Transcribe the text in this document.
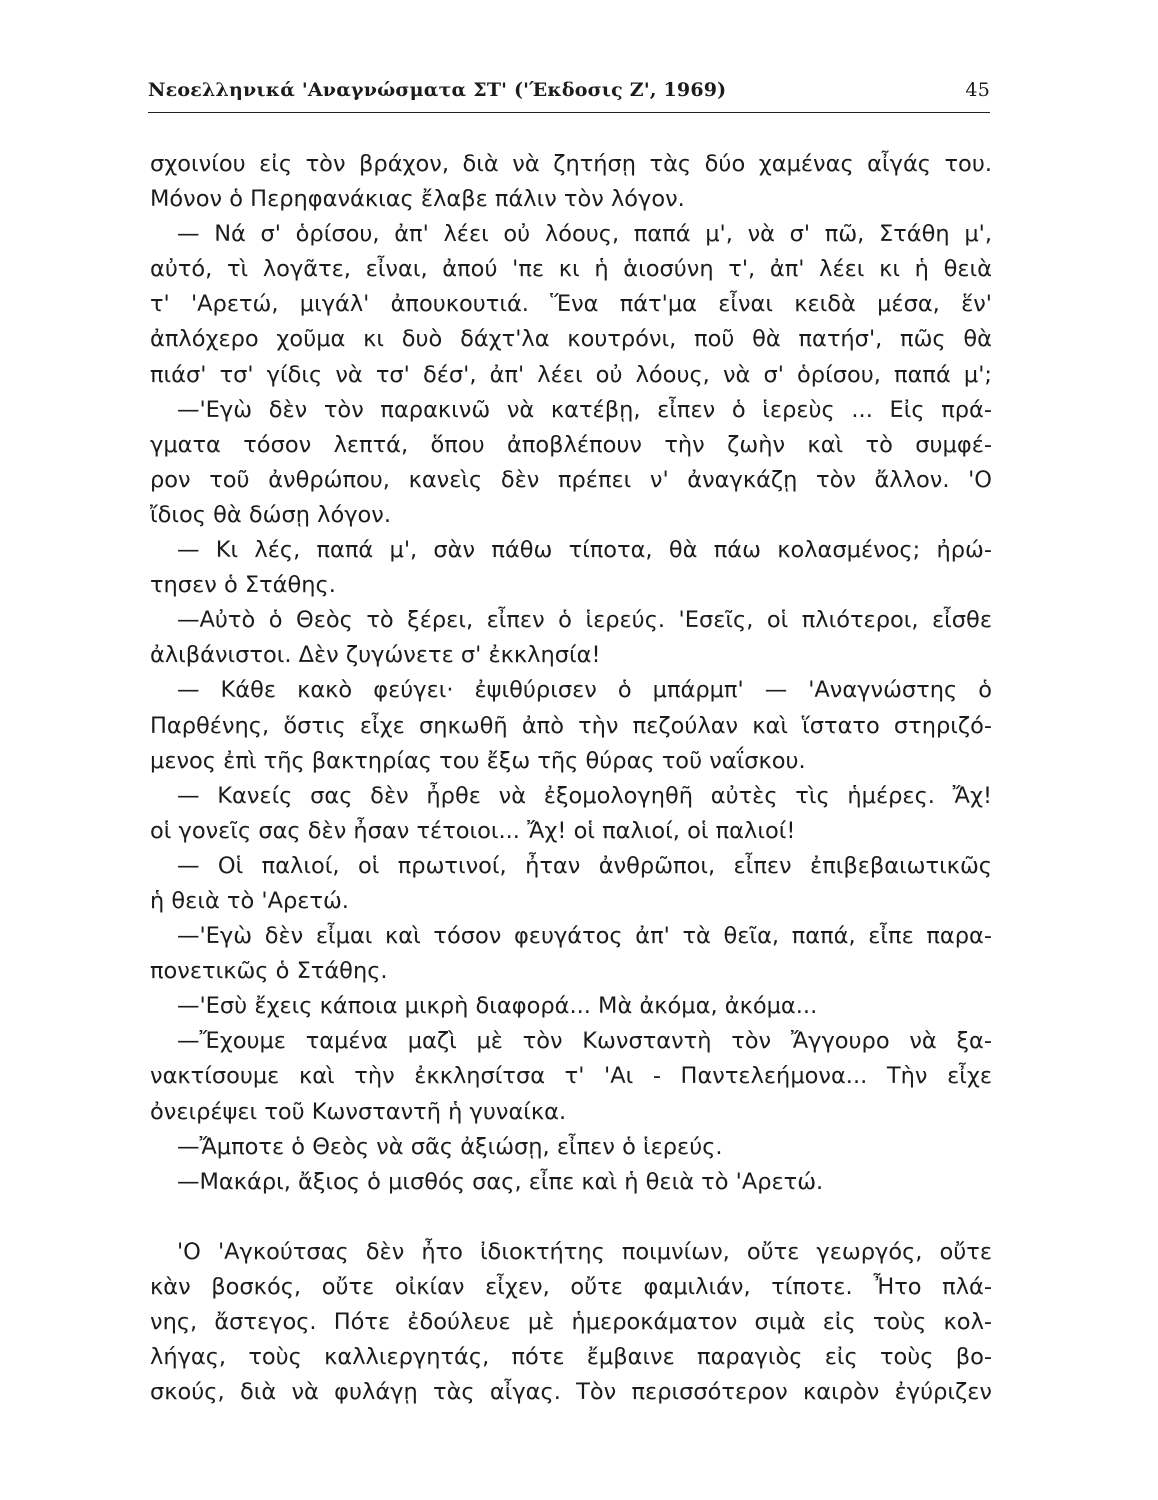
Νεοελληνικά 'Αναγνώσματα ΣΤ' ('Έκδοσις Ζ', 1969)	45
σχοινίου εἰς τὸν βράχον, διὰ νὰ ζητήσῃ τὰς δύο χαμένας αἶγάς του.
Μόνον ὁ Περηφανάκιας ἔλαβε πάλιν τὸν λόγον.
— Νά σ' ὁρίσου, ἀπ' λέει οὐ λόους, παπά μ', νὰ σ' πῶ, Στάθη μ',
αὐτό, τὶ λογᾶτε, εἶναι, ἀπού 'πε κι ἡ ἁιοσύνη τ', ἀπ' λέει κι ἡ θειὰ
τ' 'Αρετώ, μιγάλ' ἀπουκουτιά. Ἕνα πάτ'μα εἶναι κειδὰ μέσα, ἕν'
ἀπλόχερο χοῦμα κι δυὸ δάχτ'λα κουτρόνι, ποῦ θὰ πατήσ', πῶς θὰ
πιάσ' τσ' γίδις νὰ τσ' δέσ', ἀπ' λέει οὐ λόους, νὰ σ' ὁρίσου, παπά μ';
—'Εγὼ δὲν τὸν παρακινῶ νὰ κατέβῃ, εἶπεν ὁ ἱερεὺς ... Εἰς πρά-
γματα τόσον λεπτά, ὅπου ἀποβλέπουν τὴν ζωὴν καὶ τὸ συμφέ-
ρον τοῦ ἀνθρώπου, κανεὶς δὲν πρέπει ν' ἀναγκάζῃ τὸν ἄλλον. 'Ο
ἴδιος θὰ δώσῃ λόγον.
— Κι λές, παπά μ', σὰν πάθω τίποτα, θὰ πάω κολασμένος; ἠρώ-
τησεν ὁ Στάθης.
—Αὐτὸ ὁ Θεὸς τὸ ξέρει, εἶπεν ὁ ἱερεύς. 'Εσεῖς, οἱ πλιότεροι, εἶσθε
ἀλιβάνιστοι. Δὲν ζυγώνετε σ' ἐκκλησία!
— Κάθε κακὸ φεύγει· ἐψιθύρισεν ὁ μπάρμπ' — 'Αναγνώστης ὁ
Παρθένης, ὅστις εἶχε σηκωθῆ ἀπὸ τὴν πεζούλαν καὶ ἵστατο στηριζό-
μενος ἐπὶ τῆς βακτηρίας του ἔξω τῆς θύρας τοῦ ναΐσκου.
— Κανείς σας δὲν ἦρθε νὰ ἐξομολογηθῆ αὐτὲς τὶς ἡμέρες. Ἄχ!
οἱ γονεῖς σας δὲν ἦσαν τέτοιοι... Ἄχ! οἱ παλιοί, οἱ παλιοί!
— Οἱ παλιοί, οἱ πρωτινοί, ἦταν ἀνθρῶποι, εἶπεν ἐπιβεβαιωτικῶς
ἡ θειὰ τὸ 'Αρετώ.
—'Εγὼ δὲν εἶμαι καὶ τόσον φευγάτος ἀπ' τὰ θεῖα, παπά, εἶπε παρα-
πονετικῶς ὁ Στάθης.
—'Εσὺ ἔχεις κάποια μικρὴ διαφορά... Μὰ ἀκόμα, ἀκόμα...
—Ἔχουμε ταμένα μαζὶ μὲ τὸν Κωνσταντὴ τὸν Ἄγγουρο νὰ ξα-
νακτίσουμε καὶ τὴν ἐκκλησίτσα τ' 'Αι - Παντελεήμονα... Τὴν εἶχε
ὀνειρέψει τοῦ Κωνσταντῆ ἡ γυναίκα.
—Ἄμποτε ὁ Θεὸς νὰ σᾶς ἀξιώσῃ, εἶπεν ὁ ἱερεύς.
—Μακάρι, ἄξιος ὁ μισθός σας, εἶπε καὶ ἡ θειὰ τὸ 'Αρετώ.
'Ο 'Αγκούτσας δὲν ἦτο ἰδιοκτήτης ποιμνίων, οὔτε γεωργός, οὔτε
κὰν βοσκός, οὔτε οἰκίαν εἶχεν, οὔτε φαμιλιάν, τίποτε. Ἦτο πλά-
νης, ἄστεγος. Πότε ἐδούλευε μὲ ἡμεροκάματον σιμὰ εἰς τοὺς κολ-
λήγας, τοὺς καλλιεργητάς, πότε ἔμβαινε παραγιὸς εἰς τοὺς βο-
σκούς, διὰ νὰ φυλάγῃ τὰς αἶγας. Τὸν περισσότερον καιρὸν ἐγύριζεν
